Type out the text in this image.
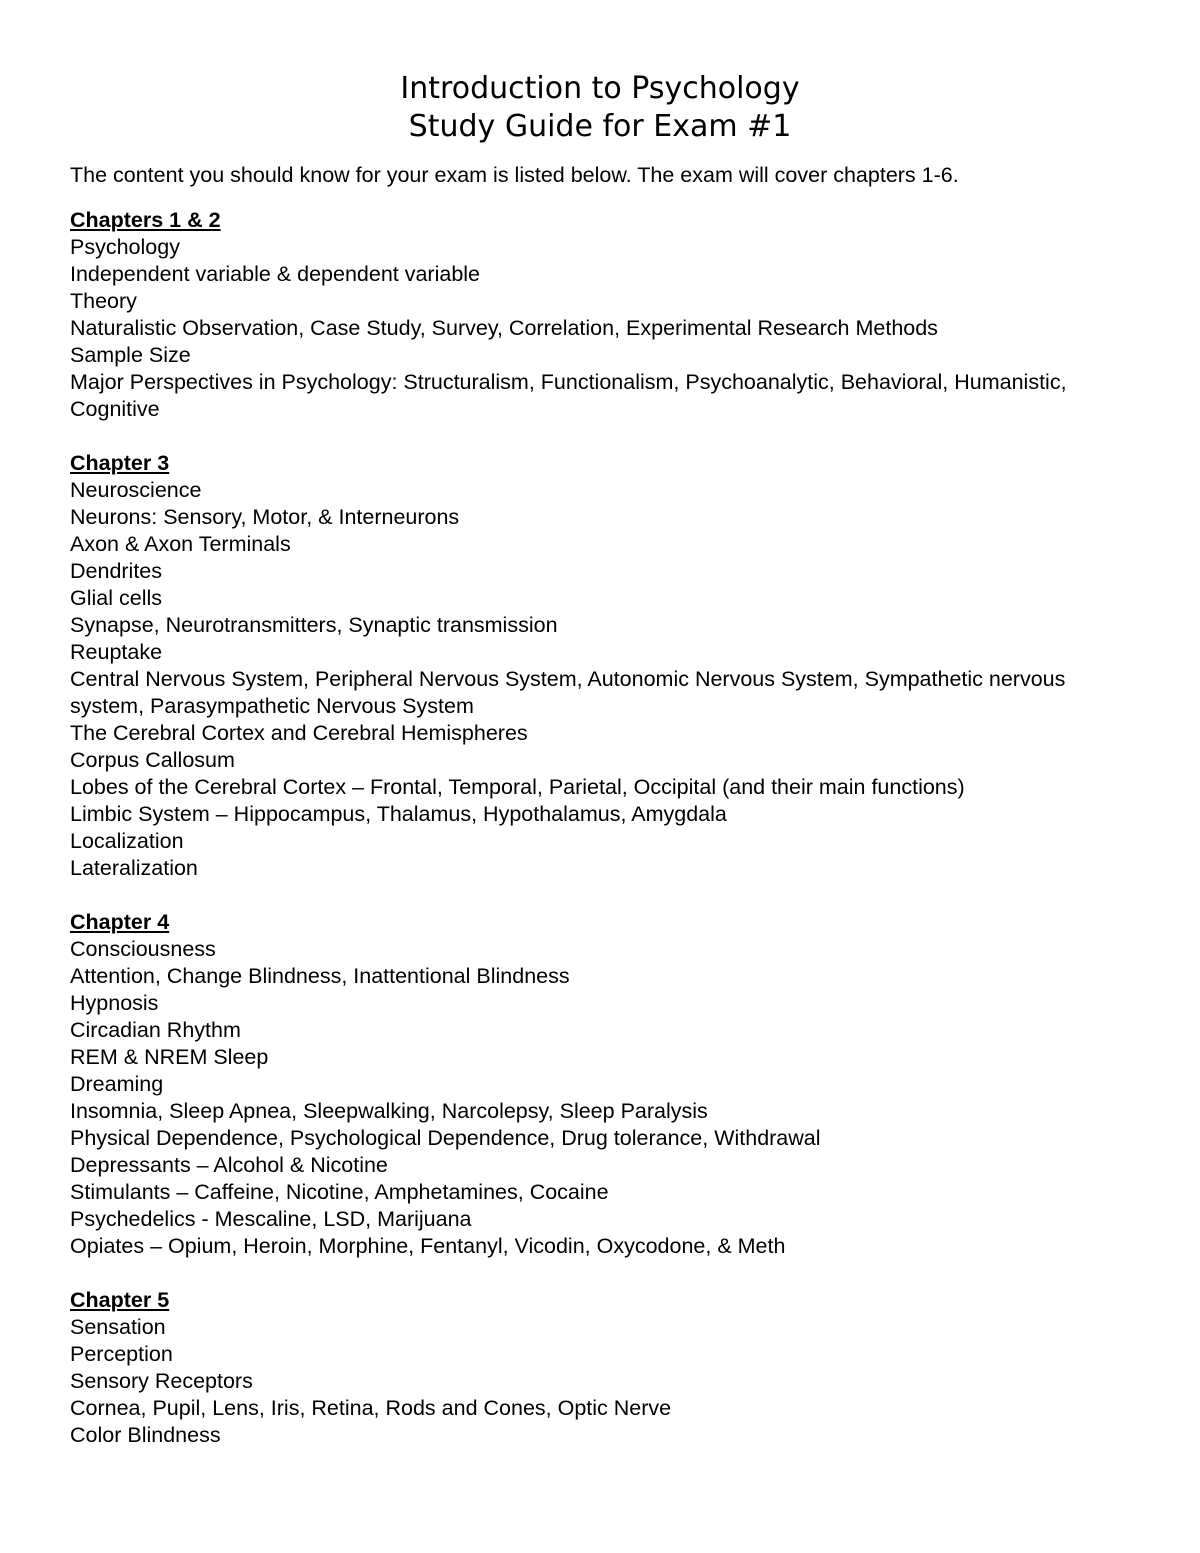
Introduction to Psychology
Study Guide for Exam #1
The content you should know for your exam is listed below. The exam will cover chapters 1-6.
Chapters 1 & 2
Psychology
Independent variable & dependent variable
Theory
Naturalistic Observation, Case Study, Survey, Correlation, Experimental Research Methods
Sample Size
Major Perspectives in Psychology: Structuralism, Functionalism, Psychoanalytic, Behavioral, Humanistic, Cognitive
Chapter 3
Neuroscience
Neurons: Sensory, Motor, & Interneurons
Axon & Axon Terminals
Dendrites
Glial cells
Synapse, Neurotransmitters, Synaptic transmission
Reuptake
Central Nervous System, Peripheral Nervous System, Autonomic Nervous System, Sympathetic nervous system, Parasympathetic Nervous System
The Cerebral Cortex and Cerebral Hemispheres
Corpus Callosum
Lobes of the Cerebral Cortex – Frontal, Temporal, Parietal, Occipital (and their main functions)
Limbic System – Hippocampus, Thalamus, Hypothalamus, Amygdala
Localization
Lateralization
Chapter 4
Consciousness
Attention, Change Blindness, Inattentional Blindness
Hypnosis
Circadian Rhythm
REM & NREM Sleep
Dreaming
Insomnia, Sleep Apnea, Sleepwalking, Narcolepsy, Sleep Paralysis
Physical Dependence, Psychological Dependence, Drug tolerance, Withdrawal
Depressants – Alcohol & Nicotine
Stimulants – Caffeine, Nicotine, Amphetamines, Cocaine
Psychedelics - Mescaline, LSD, Marijuana
Opiates – Opium, Heroin, Morphine, Fentanyl, Vicodin, Oxycodone, & Meth
Chapter 5
Sensation
Perception
Sensory Receptors
Cornea, Pupil, Lens, Iris, Retina, Rods and Cones, Optic Nerve
Color Blindness
